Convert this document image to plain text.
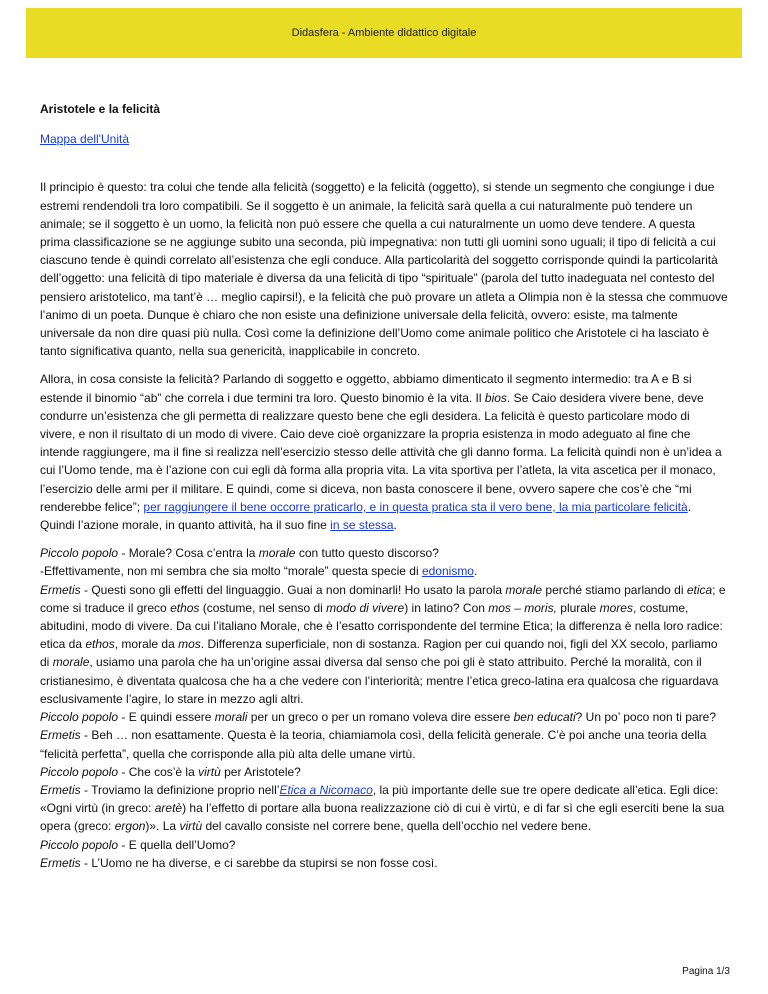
Didasfera - Ambiente didattico digitale

Aristotele e la felicità

Mappa dell'Unità

Il principio è questo: tra colui che tende alla felicità (soggetto) e la felicità (oggetto), si stende un segmento che congiunge i due estremi rendendoli tra loro compatibili. Se il soggetto è un animale, la felicità sarà quella a cui naturalmente può tendere un animale; se il soggetto è un uomo, la felicità non può essere che quella a cui naturalmente un uomo deve tendere. A questa prima classificazione se ne aggiunge subito una seconda, più impegnativa: non tutti gli uomini sono uguali; il tipo di felicità a cui ciascuno tende è quindi correlato all’esistenza che egli conduce. Alla particolarità del soggetto corrisponde quindi la particolarità dell’oggetto: una felicità di tipo materiale è diversa da una felicità di tipo “spirituale” (parola del tutto inadeguata nel contesto del pensiero aristotelico, ma tant’è … meglio capirsi!), e la felicità che può provare un atleta a Olimpia non è la stessa che commuove l’animo di un poeta. Dunque è chiaro che non esiste una definizione universale della felicità, ovvero: esiste, ma talmente universale da non dire quasi più nulla. Così come la definizione dell’Uomo come animale politico che Aristotele ci ha lasciato è tanto significativa quanto, nella sua genericità, inapplicabile in concreto.

Allora, in cosa consiste la felicità? Parlando di soggetto e oggetto, abbiamo dimenticato il segmento intermedio: tra A e B si estende il binomio “ab” che correla i due termini tra loro. Questo binomio è la vita. Il bios. Se Caio desidera vivere bene, deve condurre un’esistenza che gli permetta di realizzare questo bene che egli desidera. La felicità è questo particolare modo di vivere, e non il risultato di un modo di vivere. Caio deve cioè organizzare la propria esistenza in modo adeguato al fine che intende raggiungere, ma il fine si realizza nell’esercizio stesso delle attività che gli danno forma. La felicità quindi non è un’idea a cui l’Uomo tende, ma è l’azione con cui egli dà forma alla propria vita. La vita sportiva per l’atleta, la vita ascetica per il monaco, l’esercizio delle armi per il militare. E quindi, come si diceva, non basta conoscere il bene, ovvero sapere che cos’è che “mi renderebbe felice”; per raggiungere il bene occorre praticarlo, e in questa pratica sta il vero bene, la mia particolare felicità. Quindi l’azione morale, in quanto attività, ha il suo fine in se stessa.

Piccolo popolo - Morale? Cosa c’entra la morale con tutto questo discorso?

-Effettivamente, non mi sembra che sia molto “morale” questa specie di edonismo.

Ermetis - Questi sono gli effetti del linguaggio. Guai a non dominarli! Ho usato la parola morale perché stiamo parlando di etica; e come si traduce il greco ethos (costume, nel senso di modo di vivere) in latino? Con mos – moris, plurale mores, costume, abitudini, modo di vivere. Da cui l’italiano Morale, che è l’esatto corrispondente del termine Etica; la differenza è nella loro radice: etica da ethos, morale da mos. Differenza superficiale, non di sostanza. Ragion per cui quando noi, figli del XX secolo, parliamo di morale, usiamo una parola che ha un’origine assai diversa dal senso che poi gli è stato attribuito. Perché la moralità, con il cristianesimo, è diventata qualcosa che ha a che vedere con l’interiorità; mentre l’etica greco-latina era qualcosa che riguardava esclusivamente l’agire, lo stare in mezzo agli altri.

Piccolo popolo - E quindi essere morali per un greco o per un romano voleva dire essere ben educati? Un po’ poco non ti pare?

Ermetis - Beh … non esattamente. Questa è la teoria, chiamiamola così, della felicità generale. C’è poi anche una teoria della “felicità perfetta”, quella che corrisponde alla più alta delle umane virtù.

Piccolo popolo - Che cos’è la virtù per Aristotele?

Ermetis - Troviamo la definizione proprio nell’Etica a Nicomaco, la più importante delle sue tre opere dedicate all’etica. Egli dice: «Ogni virtù (in greco: aretè) ha l’effetto di portare alla buona realizzazione ciò di cui è virtù, e di far sì che egli eserciti bene la sua opera (greco: ergon)». La virtù del cavallo consiste nel correre bene, quella dell’occhio nel vedere bene.

Piccolo popolo - E quella dell’Uomo?

Ermetis - L’Uomo ne ha diverse, e ci sarebbe da stupirsi se non fosse così.

Pagina 1/3
